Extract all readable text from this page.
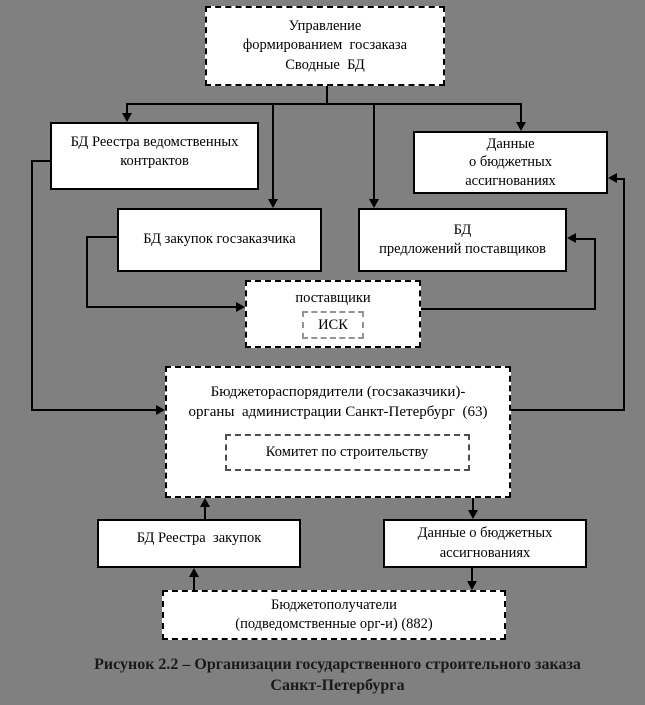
Управление
формированием  госзаказа
Сводные  БД
БД Реестра ведомственных
контрактов
Данные
о бюджетных
ассигнованиях
БД закупок госзаказчика
БД
предложений поставщиков
поставщики
ИСК
Бюджетораспорядители (госзаказчики)-
органы  администрации Санкт-Петербург  (63)
Комитет по строительству
БД Реестра  закупок	Данные о бюджетных
ассигнованиях
Бюджетополучатели
(подведомственные орг-и) (882)
Рисунок 2.2 – Организации государственного строительного заказа
Санкт-Петербурга
